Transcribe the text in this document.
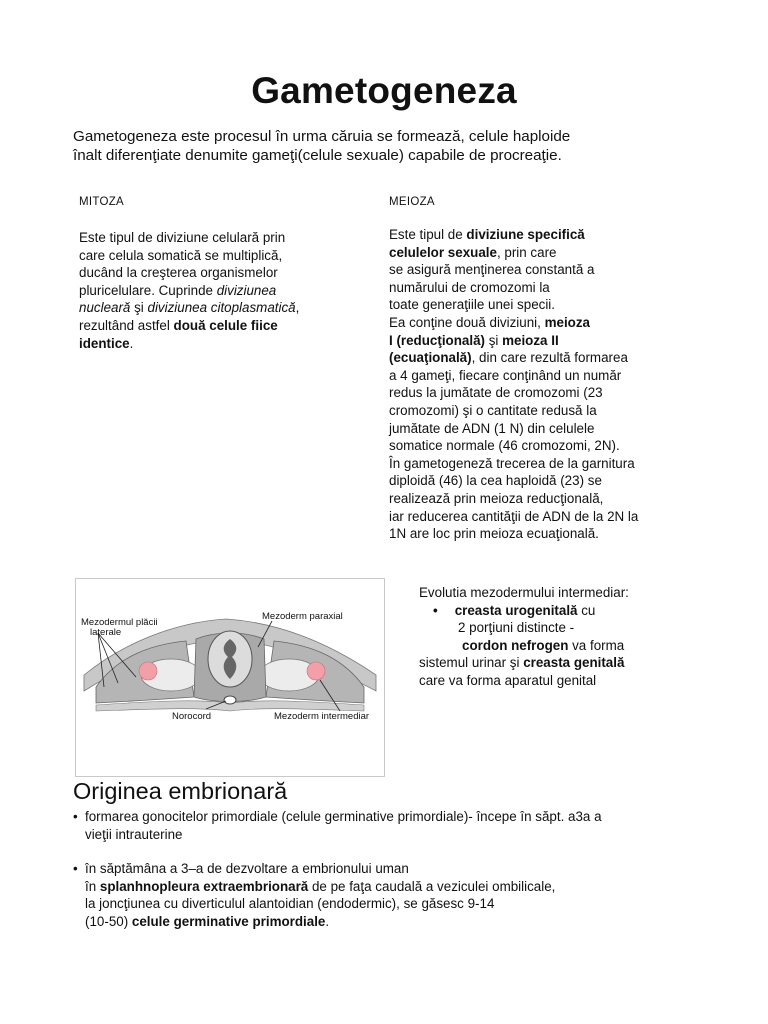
Gametogeneza
Gametogeneza este procesul în urma căruia se formează, celule haploide
înalt diferenţiate denumite gameţi(celule sexuale) capabile de procreaţie.
MITOZA	MEIOZA
Este tipul de diviziune celulară prin
care celula somatică se multiplică,
ducând la creşterea organismelor
pluricelulare. Cuprinde diviziunea
nucleară şi diviziunea citoplasmatică,
rezultând astfel două celule fiice
identice.
Este tipul de diviziune specifică
celulelor sexuale, prin care
se asigură menţinerea constantă a
numărului de cromozomi la
toate generaţiile unei specii.
Ea conţine două diviziuni, meioza
I (reducţională) şi meioza II
(ecuaţională), din care rezultă formarea
a 4 gameţi, fiecare conţinând un număr
redus la jumătate de cromozomi (23
cromozomi) şi o cantitate redusă la
jumătate de ADN (1 N) din celulele
somatice normale (46 cromozomi, 2N).
În gametogeneză trecerea de la garnitura
diploidă (46) la cea haploidă (23) se
realizează prin meioza reducţională,
iar reducerea cantităţii de ADN de la 2N la
1N are loc prin meioza ecuaţională.
Mezodermul plăcii
laterale
Mezoderm paraxial
Norocord	Mezoderm intermediar
Evolutia mezodermului intermediar:
• creasta urogenitală cu
2 porţiuni distincte -
cordon nefrogen va forma
sistemul urinar şi creasta genitală
care va forma aparatul genital
Originea embrionară
• formarea gonocitelor primordiale (celule germinative primordiale)- începe în săpt. a3a a
vieţii intrauterine
• în săptămâna a 3–a de dezvoltare a embrionului uman
în splanhnopleura extraembrionară de pe faţa caudală a veziculei ombilicale,
la joncţiunea cu diverticulul alantoidian (endodermic), se găsesc 9-14
(10-50) celule germinative primordiale.
